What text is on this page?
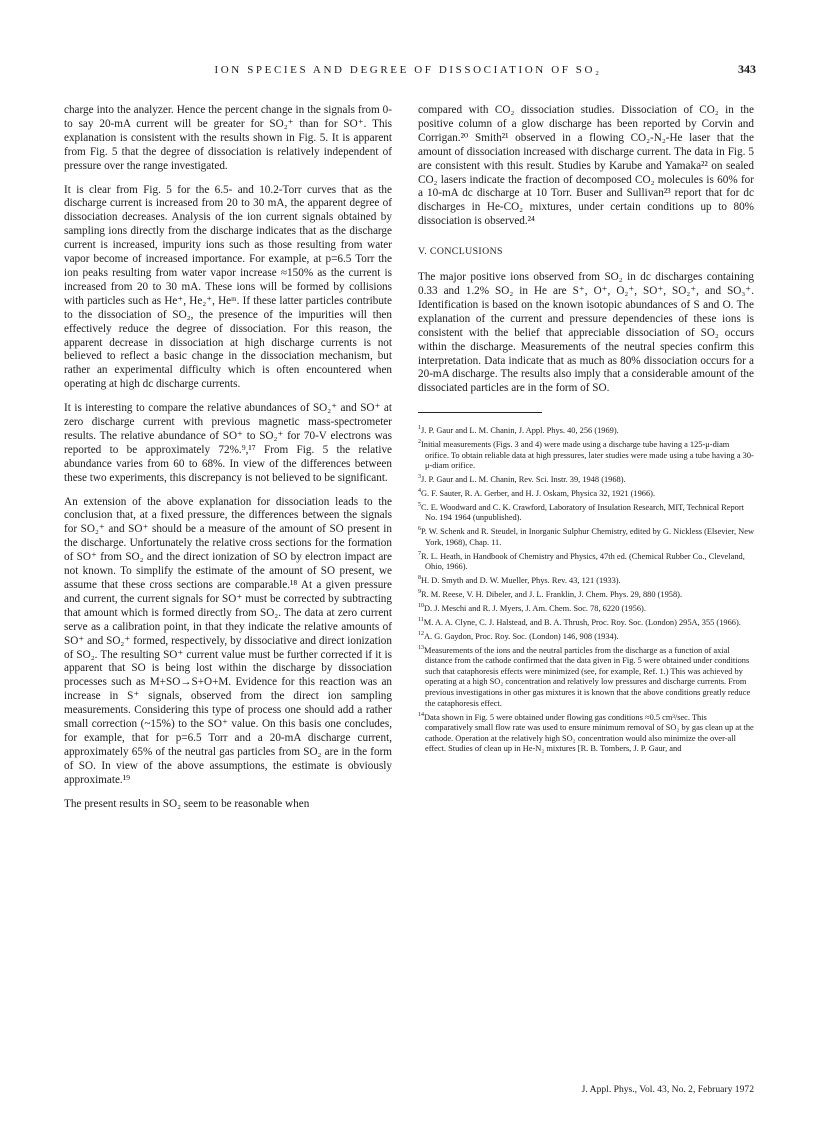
ION SPECIES AND DEGREE OF DISSOCIATION OF SO₂	343

charge into the analyzer. Hence the percent change in the signals from 0- to say 20-mA current will be greater for SO₂⁺ than for SO⁺. This explanation is consistent with the results shown in Fig. 5. It is apparent from Fig. 5 that the degree of dissociation is relatively independent of pressure over the range investigated.

It is clear from Fig. 5 for the 6.5- and 10.2-Torr curves that as the discharge current is increased from 20 to 30 mA, the apparent degree of dissociation decreases. Analysis of the ion current signals obtained by sampling ions directly from the discharge indicates that as the discharge current is increased, impurity ions such as those resulting from water vapor become of increased importance. For example, at p=6.5 Torr the ion peaks resulting from water vapor increase ≈150% as the current is increased from 20 to 30 mA. These ions will be formed by collisions with particles such as He⁺, He₂⁺, Heᵐ. If these latter particles contribute to the dissociation of SO₂, the presence of the impurities will then effectively reduce the degree of dissociation. For this reason, the apparent decrease in dissociation at high discharge currents is not believed to reflect a basic change in the dissociation mechanism, but rather an experimental difficulty which is often encountered when operating at high dc discharge currents.

It is interesting to compare the relative abundances of SO₂⁺ and SO⁺ at zero discharge current with previous magnetic mass-spectrometer results. The relative abundance of SO⁺ to SO₂⁺ for 70-V electrons was reported to be approximately 72%.⁹,¹⁷ From Fig. 5 the relative abundance varies from 60 to 68%. In view of the differences between these two experiments, this discrepancy is not believed to be significant.

An extension of the above explanation for dissociation leads to the conclusion that, at a fixed pressure, the differences between the signals for SO₂⁺ and SO⁺ should be a measure of the amount of SO present in the discharge. Unfortunately the relative cross sections for the formation of SO⁺ from SO₂ and the direct ionization of SO by electron impact are not known. To simplify the estimate of the amount of SO present, we assume that these cross sections are comparable.¹⁸ At a given pressure and current, the current signals for SO⁺ must be corrected by subtracting that amount which is formed directly from SO₂. The data at zero current serve as a calibration point, in that they indicate the relative amounts of SO⁺ and SO₂⁺ formed, respectively, by dissociative and direct ionization of SO₂. The resulting SO⁺ current value must be further corrected if it is apparent that SO is being lost within the discharge by dissociation processes such as M+SO→S+O+M. Evidence for this reaction was an increase in S⁺ signals, observed from the direct ion sampling measurements. Considering this type of process one should add a rather small correction (~15%) to the SO⁺ value. On this basis one concludes, for example, that for p=6.5 Torr and a 20-mA discharge current, approximately 65% of the neutral gas particles from SO₂ are in the form of SO. In view of the above assumptions, the estimate is obviously approximate.¹⁹

The present results in SO₂ seem to be reasonable when

compared with CO₂ dissociation studies. Dissociation of CO₂ in the positive column of a glow discharge has been reported by Corvin and Corrigan.²⁰ Smith²¹ observed in a flowing CO₂-N₂-He laser that the amount of dissociation increased with discharge current. The data in Fig. 5 are consistent with this result. Studies by Karube and Yamaka²² on sealed CO₂ lasers indicate the fraction of decomposed CO₂ molecules is 60% for a 10-mA dc discharge at 10 Torr. Buser and Sullivan²³ report that for dc discharges in He-CO₂ mixtures, under certain conditions up to 80% dissociation is observed.²⁴

V. CONCLUSIONS

The major positive ions observed from SO₂ in dc discharges containing 0.33 and 1.2% SO₂ in He are S⁺, O⁺, O₂⁺, SO⁺, SO₂⁺, and SO₃⁺. Identification is based on the known isotopic abundances of S and O. The explanation of the current and pressure dependencies of these ions is consistent with the belief that appreciable dissociation of SO₂ occurs within the discharge. Measurements of the neutral species confirm this interpretation. Data indicate that as much as 80% dissociation occurs for a 20-mA discharge. The results also imply that a considerable amount of the dissociated particles are in the form of SO.

$^1$J. P. Gaur and L. M. Chanin, J. Appl. Phys. 40, 256 (1969).
$^2$Initial measurements (Figs. 3 and 4) were made using a discharge tube having a 125-μ-diam orifice. To obtain reliable data at high pressures, later studies were made using a tube having a 30-μ-diam orifice.
$^3$J. P. Gaur and L. M. Chanin, Rev. Sci. Instr. 39, 1948 (1968).
$^4$G. F. Sauter, R. A. Gerber, and H. J. Oskam, Physica 32, 1921 (1966).
$^5$C. E. Woodward and C. K. Crawford, Laboratory of Insulation Research, MIT, Technical Report No. 194 1964 (unpublished).
$^6$P. W. Schenk and R. Steudel, in Inorganic Sulphur Chemistry, edited by G. Nickless (Elsevier, New York, 1968), Chap. 11.
$^7$R. L. Heath, in Handbook of Chemistry and Physics, 47th ed. (Chemical Rubber Co., Cleveland, Ohio, 1966).
$^8$H. D. Smyth and D. W. Mueller, Phys. Rev. 43, 121 (1933).
$^9$R. M. Reese, V. H. Dibeler, and J. L. Franklin, J. Chem. Phys. 29, 880 (1958).
$^{10}$D. J. Meschi and R. J. Myers, J. Am. Chem. Soc. 78, 6220 (1956).
$^{11}$M. A. A. Clyne, C. J. Halstead, and B. A. Thrush, Proc. Roy. Soc. (London) 295A, 355 (1966).
$^{12}$A. G. Gaydon, Proc. Roy. Soc. (London) 146, 908 (1934).
$^{13}$Measurements of the ions and the neutral particles from the discharge as a function of axial distance from the cathode confirmed that the data given in Fig. 5 were obtained under conditions such that cataphoresis effects were minimized (see, for example, Ref. 1.) This was achieved by operating at a high SO₂ concentration and relatively low pressures and discharge currents. From previous investigations in other gas mixtures it is known that the above conditions greatly reduce the cataphoresis effect.
$^{14}$Data shown in Fig. 5 were obtained under flowing gas conditions ≈0.5 cm³/sec. This comparatively small flow rate was used to ensure minimum removal of SO₂ by gas clean up at the cathode. Operation at the relatively high SO₂ concentration would also minimize the over-all effect. Studies of clean up in He-N₂ mixtures [R. B. Tombers, J. P. Gaur, and
J. Appl. Phys., Vol. 43, No. 2, February 1972
